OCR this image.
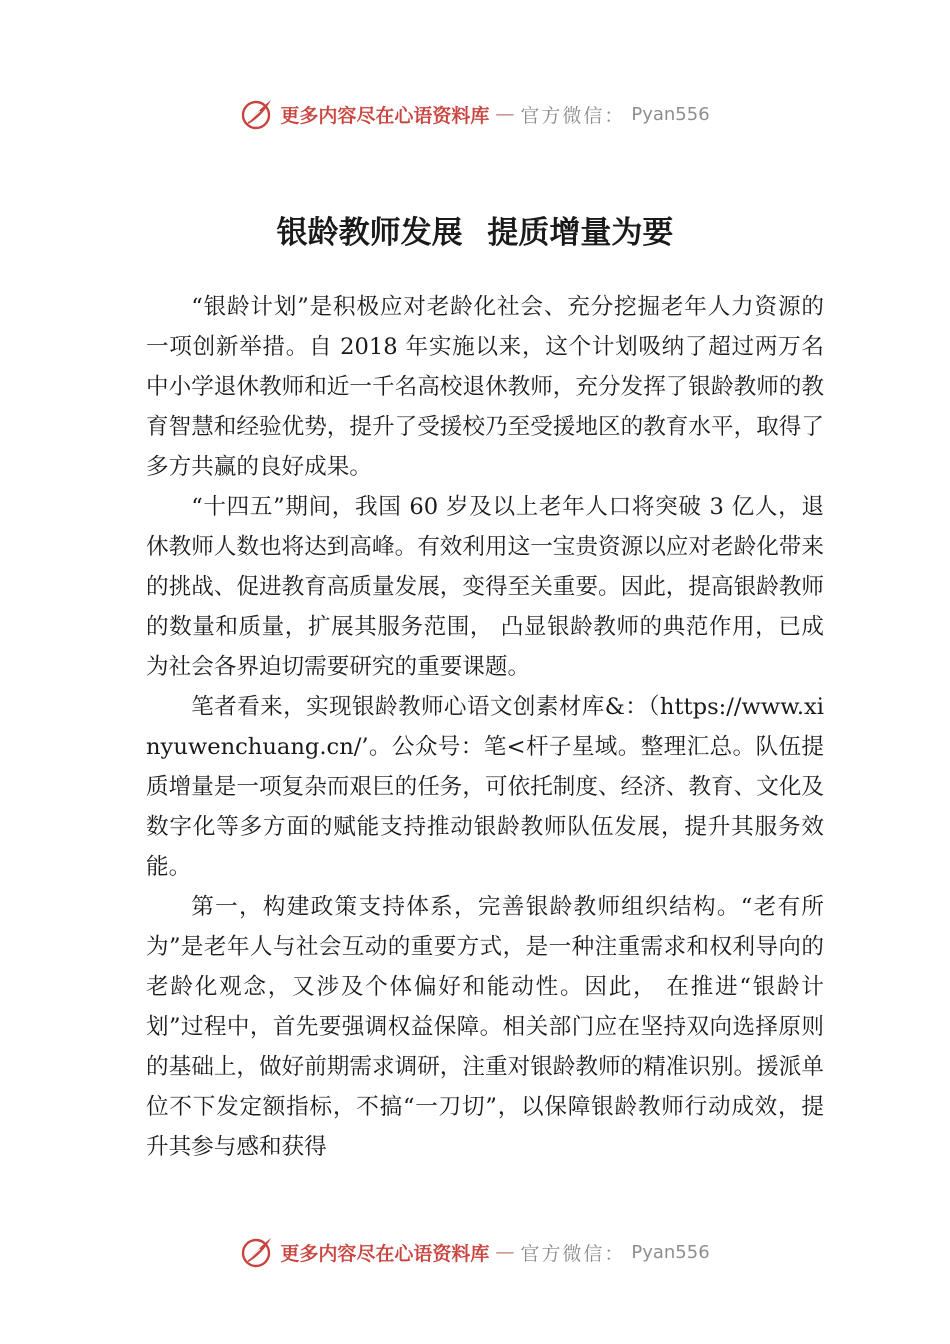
更多内容尽在心语资料库 — 官方微信： Pyan556
银龄教师发展 提质增量为要

“银龄计划”是积极应对老龄化社会、充分挖掘老年人力资源的一项创新举措。自 2018 年实施以来，这个计划吸纳了超过两万名中小学退休教师和近一千名高校退休教师，充分发挥了银龄教师的教育智慧和经验优势，提升了受援校乃至受援地区的教育水平，取得了多方共赢的良好成果。

“十四五”期间，我国 60 岁及以上老年人口将突破 3 亿人，退休教师人数也将达到高峰。有效利用这一宝贵资源以应对老龄化带来的挑战、促进教育高质量发展，变得至关重要。因此，提高银龄教师的数量和质量，扩展其服务范围， 凸显银龄教师的典范作用，已成为社会各界迫切需要研究的重要课题。

笔者看来，实现银龄教师心语文创素材库&：（https://www.xinyuwenchuang.cn/’。公众号：笔<杆子星域。整理汇总。队伍提质增量是一项复杂而艰巨的任务，可依托制度、经济、教育、文化及数字化等多方面的赋能支持推动银龄教师队伍发展，提升其服务效能。

第一，构建政策支持体系，完善银龄教师组织结构。“老有所为”是老年人与社会互动的重要方式，是一种注重需求和权利导向的老龄化观念，又涉及个体偏好和能动性。因此， 在推进“银龄计划”过程中，首先要强调权益保障。相关部门应在坚持双向选择原则的基础上，做好前期需求调研，注重对银龄教师的精准识别。援派单位不下发定额指标，不搞“一刀切”，以保障银龄教师行动成效，提升其参与感和获得

更多内容尽在心语资料库 — 官方微信： Pyan556
